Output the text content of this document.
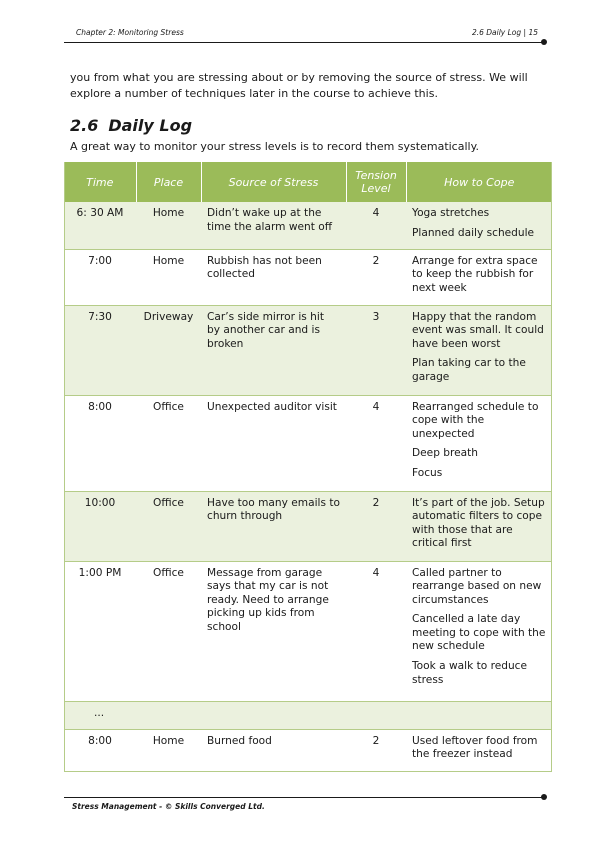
Chapter 2: Monitoring Stress	2.6 Daily Log | 15
you from what you are stressing about or by removing the source of stress. We will explore a number of techniques later in the course to achieve this.
2.6 Daily Log
A great way to monitor your stress levels is to record them systematically.
Time	Place	Source of Stress	Tension Level	How to Cope
6: 30 AM	Home	Didn’t wake up at the time the alarm went off	4	Yoga stretches
Planned daily schedule

7:00	Home	Rubbish has not been collected	2	Arrange for extra space to keep the rubbish for next week

7:30	Driveway	Car’s side mirror is hit by another car and is broken	3	Happy that the random event was small. It could have been worst
Plan taking car to the garage

8:00	Office	Unexpected auditor visit	4	Rearranged schedule to cope with the unexpected
Deep breath
Focus

10:00	Office	Have too many emails to churn through	2	It’s part of the job. Setup automatic filters to cope with those that are critical first

1:00 PM	Office	Message from garage says that my car is not ready. Need to arrange picking up kids from school	4	Called partner to rearrange based on new circumstances
Cancelled a late day meeting to cope with the new schedule
Took a walk to reduce stress

...				
8:00	Home	Burned food	2	Used leftover food from the freezer instead
Stress Management - © Skills Converged Ltd.
